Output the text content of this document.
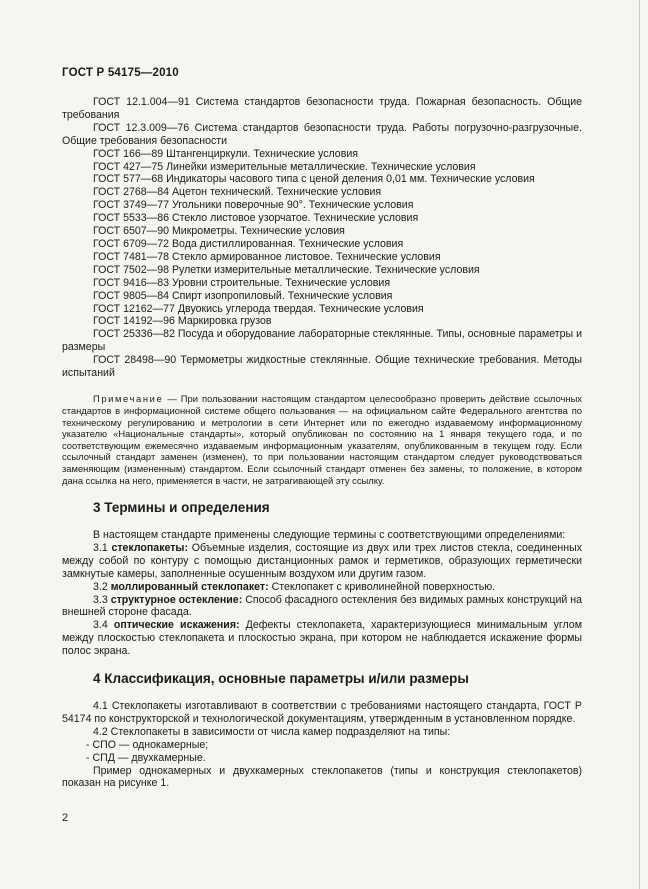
ГОСТ Р 54175—2010

ГОСТ 12.1.004—91 Система стандартов безопасности труда. Пожарная безопасность. Общие требования

ГОСТ 12.3.009—76 Система стандартов безопасности труда. Работы погрузочно-разгрузочные. Общие требования безопасности

ГОСТ 166—89 Штангенциркули. Технические условия

ГОСТ 427—75 Линейки измерительные металлические. Технические условия

ГОСТ 577—68 Индикаторы часового типа с ценой деления 0,01 мм. Технические условия

ГОСТ 2768—84 Ацетон технический. Технические условия

ГОСТ 3749—77 Угольники поверочные 90°. Технические условия

ГОСТ 5533—86 Стекло листовое узорчатое. Технические условия

ГОСТ 6507—90 Микрометры. Технические условия

ГОСТ 6709—72 Вода дистиллированная. Технические условия

ГОСТ 7481—78 Стекло армированное листовое. Технические условия

ГОСТ 7502—98 Рулетки измерительные металлические. Технические условия

ГОСТ 9416—83 Уровни строительные. Технические условия

ГОСТ 9805—84 Спирт изопропиловый. Технические условия

ГОСТ 12162—77 Двуокись углерода твердая. Технические условия

ГОСТ 14192—96 Маркировка грузов

ГОСТ 25336—82 Посуда и оборудование лабораторные стеклянные. Типы, основные параметры и размеры

ГОСТ 28498—90 Термометры жидкостные стеклянные. Общие технические требования. Методы испытаний

Примечание — При пользовании настоящим стандартом целесообразно проверить действие ссылочных стандартов в информационной системе общего пользования — на официальном сайте Федерального агентства по техническому регулированию и метрологии в сети Интернет или по ежегодно издаваемому информационному указателю «Национальные стандарты», который опубликован по состоянию на 1 января текущего года, и по соответствующим ежемесячно издаваемым информационным указателям, опубликованным в текущем году. Если ссылочный стандарт заменен (изменен), то при пользовании настоящим стандартом следует руководствоваться заменяющим (измененным) стандартом. Если ссылочный стандарт отменен без замены, то положение, в котором дана ссылка на него, применяется в части, не затрагивающей эту ссылку.

3 Термины и определения

В настоящем стандарте применены следующие термины с соответствующими определениями:

3.1 стеклопакеты: Объемные изделия, состоящие из двух или трех листов стекла, соединенных между собой по контуру с помощью дистанционных рамок и герметиков, образующих герметически замкнутые камеры, заполненные осушенным воздухом или другим газом.

3.2 моллированный стеклопакет: Стеклопакет с криволинейной поверхностью.

3.3 структурное остекление: Способ фасадного остекления без видимых рамных конструкций на внешней стороне фасада.

3.4 оптические искажения: Дефекты стеклопакета, характеризующиеся минимальным углом между плоскостью стеклопакета и плоскостью экрана, при котором не наблюдается искажение формы полос экрана.

4 Классификация, основные параметры и/или размеры

4.1 Стеклопакеты изготавливают в соответствии с требованиями настоящего стандарта, ГОСТ Р 54174 по конструкторской и технологической документациям, утвержденным в установленном порядке.

4.2 Стеклопакеты в зависимости от числа камер подразделяют на типы:

- СПО — однокамерные;

- СПД — двухкамерные.

Пример однокамерных и двухкамерных стеклопакетов (типы и конструкция стеклопакетов) показан на рисунке 1.

2
